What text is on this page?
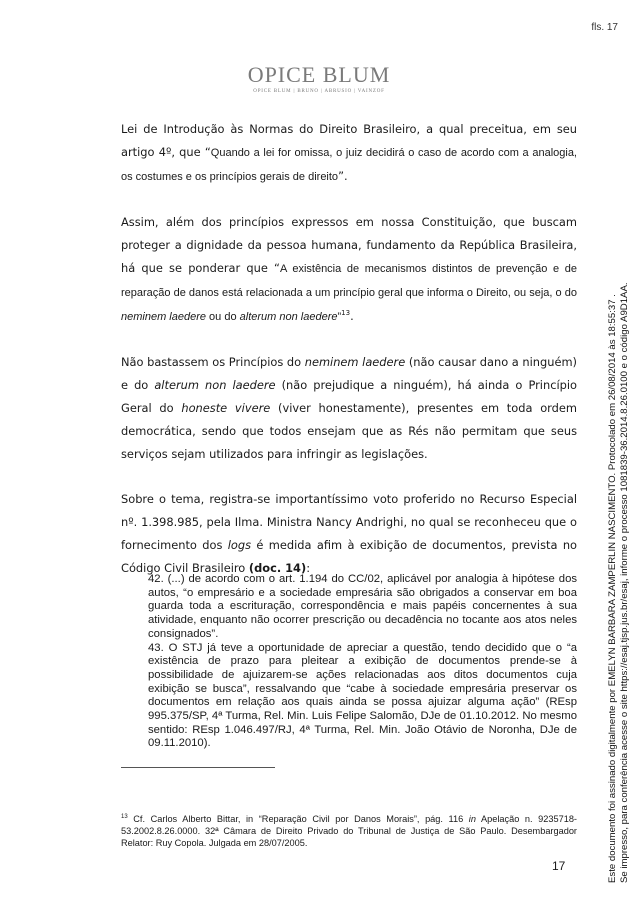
fls. 17
OPICE BLUM
OPICE BLUM | BRUNO | ABRUSIO | VAINZOF

Lei de Introdução às Normas do Direito Brasileiro, a qual preceitua, em seu artigo 4º, que “Quando a lei for omissa, o juiz decidirá o caso de acordo com a analogia, os costumes e os princípios gerais de direito”.

Assim, além dos princípios expressos em nossa Constituição, que buscam proteger a dignidade da pessoa humana, fundamento da República Brasileira, há que se ponderar que “A existência de mecanismos distintos de prevenção e de reparação de danos está relacionada a um princípio geral que informa o Direito, ou seja, o do neminem laedere ou do alterum non laedere”$^{13}$.

Não bastassem os Princípios do neminem laedere (não causar dano a ninguém) e do alterum non laedere (não prejudique a ninguém), há ainda o Princípio Geral do honeste vivere (viver honestamente), presentes em toda ordem democrática, sendo que todos ensejam que as Rés não permitam que seus serviços sejam utilizados para infringir as legislações.

Sobre o tema, registra-se importantíssimo voto proferido no Recurso Especial nº. 1.398.985, pela Ilma. Ministra Nancy Andrighi, no qual se reconheceu que o fornecimento dos logs é medida afim à exibição de documentos, prevista no Código Civil Brasileiro (doc. 14):

42. (...) de acordo com o art. 1.194 do CC/02, aplicável por analogia à hipótese dos autos, “o empresário e a sociedade empresária são obrigados a conservar em boa guarda toda a escrituração, correspondência e mais papéis concernentes à sua atividade, enquanto não ocorrer prescrição ou decadência no tocante aos atos neles consignados”.
43. O STJ já teve a oportunidade de apreciar a questão, tendo decidido que o “a existência de prazo para pleitear a exibição de documentos prende-se à possibilidade de ajuizarem-se ações relacionadas aos ditos documentos cuja exibição se busca”, ressalvando que “cabe à sociedade empresária preservar os documentos em relação aos quais ainda se possa ajuizar alguma ação” (REsp 995.375/SP, 4ª Turma, Rel. Min. Luis Felipe Salomão, DJe de 01.10.2012. No mesmo sentido: REsp 1.046.497/RJ, 4ª Turma, Rel. Min. João Otávio de Noronha, DJe de 09.11.2010).

$^{13}$ Cf. Carlos Alberto Bittar, in “Reparação Civil por Danos Morais”, pág. 116 in Apelação n. 9235718-53.2002.8.26.0000. 32ª Câmara de Direito Privado do Tribunal de Justiça de São Paulo. Desembargador Relator: Ruy Copola. Julgada em 28/07/2005.

17	Este documento foi assinado digitalmente por EMELYN BARBARA ZAMPERLIN NASCIMENTO. Protocolado em 26/08/2014 às 18:55:37 . Se impresso, para conferência acesse o site https://esaj.tjsp.jus.br/esaj, informe o processo 1081839-36.2014.8.26.0100 e o código A9D1AA.
